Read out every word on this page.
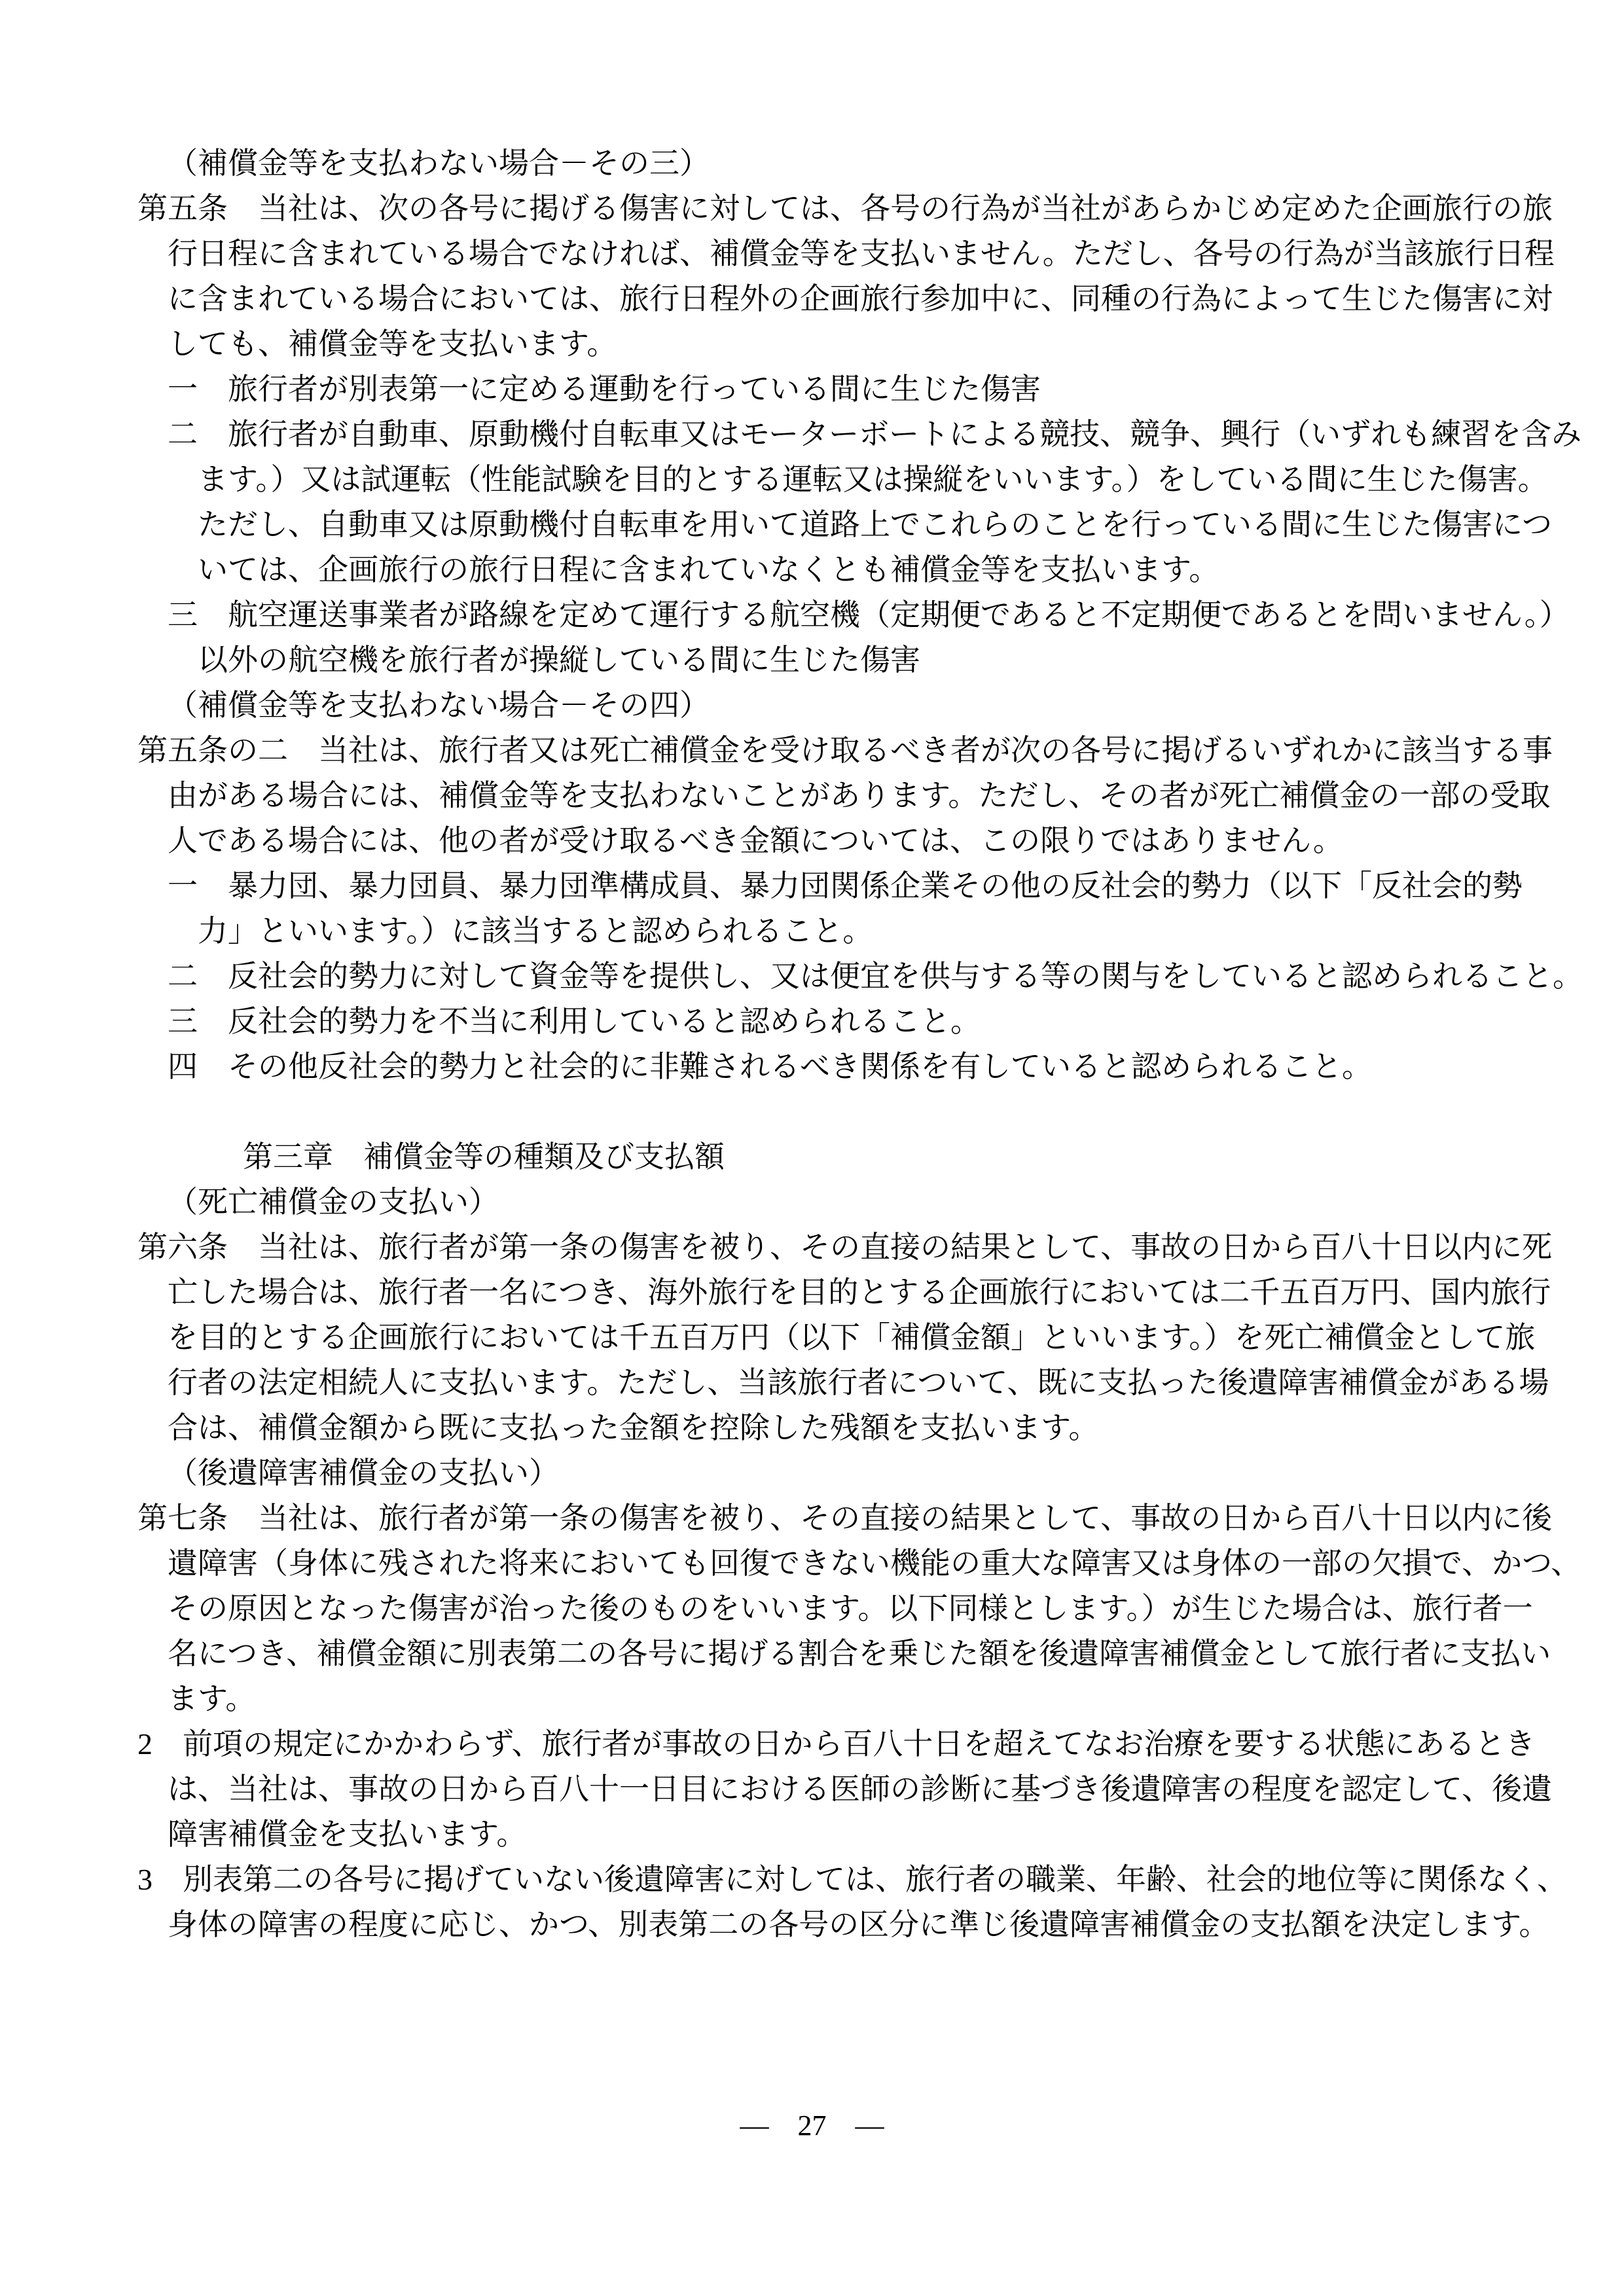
（補償金等を支払わない場合－その三）
第五条　当社は、次の各号に掲げる傷害に対しては、各号の行為が当社があらかじめ定めた企画旅行の旅
行日程に含まれている場合でなければ、補償金等を支払いません。ただし、各号の行為が当該旅行日程
に含まれている場合においては、旅行日程外の企画旅行参加中に、同種の行為によって生じた傷害に対
しても、補償金等を支払います。
一　旅行者が別表第一に定める運動を行っている間に生じた傷害
二　旅行者が自動車、原動機付自転車又はモーターボートによる競技、競争、興行（いずれも練習を含み
ます。）又は試運転（性能試験を目的とする運転又は操縦をいいます。）をしている間に生じた傷害。
ただし、自動車又は原動機付自転車を用いて道路上でこれらのことを行っている間に生じた傷害につ
いては、企画旅行の旅行日程に含まれていなくとも補償金等を支払います。
三　航空運送事業者が路線を定めて運行する航空機（定期便であると不定期便であるとを問いません。）
以外の航空機を旅行者が操縦している間に生じた傷害
（補償金等を支払わない場合－その四）
第五条の二　当社は、旅行者又は死亡補償金を受け取るべき者が次の各号に掲げるいずれかに該当する事
由がある場合には、補償金等を支払わないことがあります。ただし、その者が死亡補償金の一部の受取
人である場合には、他の者が受け取るべき金額については、この限りではありません。
一　暴力団、暴力団員、暴力団準構成員、暴力団関係企業その他の反社会的勢力（以下「反社会的勢
力」といいます。）に該当すると認められること。
二　反社会的勢力に対して資金等を提供し、又は便宜を供与する等の関与をしていると認められること。
三　反社会的勢力を不当に利用していると認められること。
四　その他反社会的勢力と社会的に非難されるべき関係を有していると認められること。
第三章　補償金等の種類及び支払額
（死亡補償金の支払い）
第六条　当社は、旅行者が第一条の傷害を被り、その直接の結果として、事故の日から百八十日以内に死
亡した場合は、旅行者一名につき、海外旅行を目的とする企画旅行においては二千五百万円、国内旅行
を目的とする企画旅行においては千五百万円（以下「補償金額」といいます。）を死亡補償金として旅
行者の法定相続人に支払います。ただし、当該旅行者について、既に支払った後遺障害補償金がある場
合は、補償金額から既に支払った金額を控除した残額を支払います。
（後遺障害補償金の支払い）
第七条　当社は、旅行者が第一条の傷害を被り、その直接の結果として、事故の日から百八十日以内に後
遺障害（身体に残された将来においても回復できない機能の重大な障害又は身体の一部の欠損で、かつ、
その原因となった傷害が治った後のものをいいます。以下同様とします。）が生じた場合は、旅行者一
名につき、補償金額に別表第二の各号に掲げる割合を乗じた額を後遺障害補償金として旅行者に支払い
ます。
2　前項の規定にかかわらず、旅行者が事故の日から百八十日を超えてなお治療を要する状態にあるとき
は、当社は、事故の日から百八十一日目における医師の診断に基づき後遺障害の程度を認定して、後遺
障害補償金を支払います。
3　別表第二の各号に掲げていない後遺障害に対しては、旅行者の職業、年齢、社会的地位等に関係なく、
身体の障害の程度に応じ、かつ、別表第二の各号の区分に準じ後遺障害補償金の支払額を決定します。
―　27　―
